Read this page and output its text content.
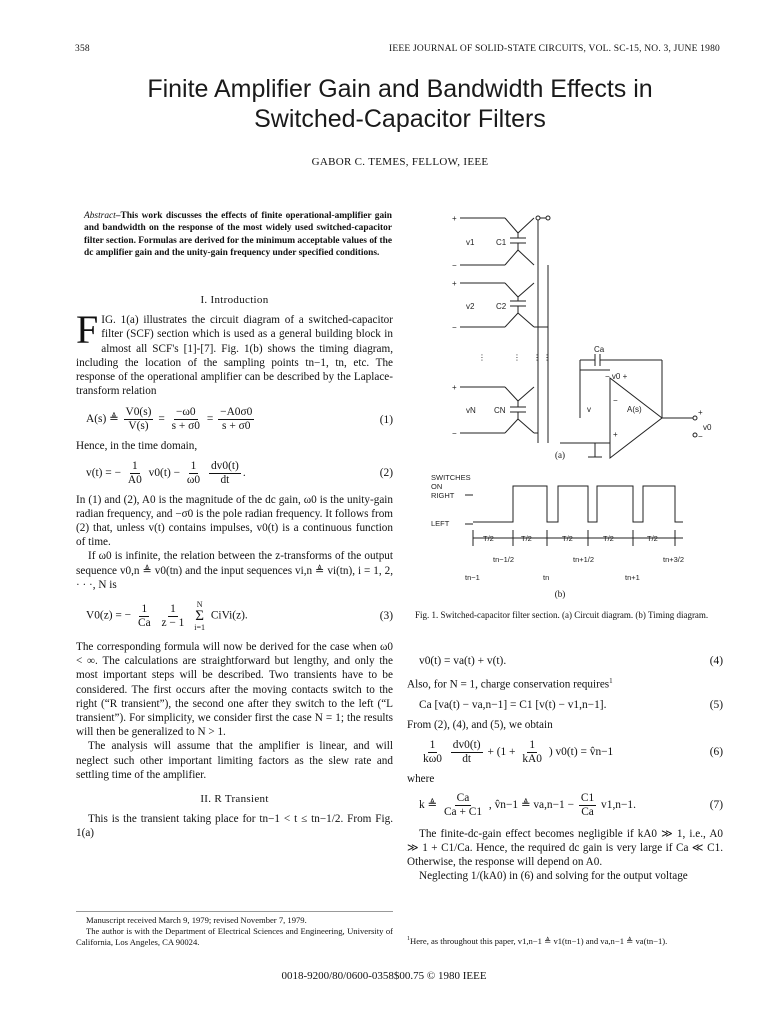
358	IEEE JOURNAL OF SOLID-STATE CIRCUITS, VOL. SC-15, NO. 3, JUNE 1980
Finite Amplifier Gain and Bandwidth Effects in
Switched-Capacitor Filters
GABOR C. TEMES, FELLOW, IEEE
Abstract–This work discusses the effects of finite operational-amplifier gain and bandwidth on the response of the most widely used switched-capacitor filter section. Formulas are derived for the minimum acceptable values of the dc amplifier gain and the unity-gain frequency under specified conditions.
I. Introduction

FIG. 1(a) illustrates the circuit diagram of a switched-capacitor filter (SCF) section which is used as a general building block in almost all SCF's [1]-[7]. Fig. 1(b) shows the timing diagram, including the location of the sampling points tn−1, tn, etc. The response of the operational amplifier can be described by the Laplace-transform relation

A(s) ≜ $\frac{V0(s)}{V(s)} = \frac{-\omega 0}{s + \sigma 0} = \frac{-A0\sigma 0}{s + \sigma 0}$	(1)

Hence, in the time domain,

v(t) = − $\frac{1}{A0} v0(t) - \frac{1}{\omega 0}$
$\frac{dv0(t)}{dt}$ .	(2)

In (1) and (2), A0 is the magnitude of the dc gain, ω0 is the unity-gain radian frequency, and −σ0 is the pole radian frequency. It follows from (2) that, unless v(t) contains impulses, v0(t) is a continuous function of time.

If ω0 is infinite, the relation between the z-transforms of the output sequence v0,n ≜ v0(tn) and the input sequences vi,n ≜ vi(tn), i = 1, 2, · · ·, N is

V0(z) = − $\frac{1}{Ca}$
$\frac{1}{z - 1}$
N
Σ
i=1
CiVi(z).	(3)

The corresponding formula will now be derived for the case when ω0 < ∞. The calculations are straightforward but lengthy, and only the most important steps will be described. Two transients have to be considered. The first occurs after the moving contacts switch to the right (“R transient”), the second one after they switch to the left (“L transient”). For simplicity, we consider first the case N = 1; the results will then be generalized to N > 1.

The analysis will assume that the amplifier is linear, and will neglect such other important limiting factors as the slew rate and settling time of the amplifier.

II. R Transient

This is the transient taking place for tn−1 < t ≤ tn−1/2. From Fig. 1(a)

Manuscript received March 9, 1979; revised November 7, 1979.
The author is with the Department of Electrical Sciences and Engineering, University of California, Los Angeles, CA 90024.
+
−
+
−
+
−
v1	C1
v2	C2
vN CN
⋮	⋮ ⋮ ⋮
Ca
− v0 +
v	A(s)
v0
+
−
−
+
(a)
SWITCHES
ON
RIGHT
LEFT
T/2	T/2	T/2	T/2	T/2
tn−1
tn−1/2
tn
tn+1/2
tn+1
tn+3/2
(b)
Fig. 1. Switched-capacitor filter section. (a) Circuit diagram. (b) Timing diagram.
v0(t) = va(t) + v(t).	(4)

Also, for N = 1, charge conservation requires$^1$

Ca [va(t) − va,n−1] = C1 [v(t) − v1,n−1].	(5)

From (2), (4), and (5), we obtain

$\frac{1}{k\omega 0}$
$\frac{dv0(t)}{dt} + (1 + \frac{1}{kA0}$ ) v0(t) = v̂n−1	(6)

where

k ≜ $\frac{Ca}{Ca + C1}$ , v̂n−1 ≜ $va,n-1 - \frac{C1}{Ca} v1,n-1$.	(7)

The finite-dc-gain effect becomes negligible if kA0 ≫ 1, i.e., A0 ≫ 1 + C1/Ca. Hence, the required dc gain is very large if Ca ≪ C1. Otherwise, the response will depend on A0.

Neglecting 1/(kA0) in (6) and solving for the output voltage

$^1$Here, as throughout this paper, v1,n−1 ≜ v1(tn−1) and va,n−1 ≜ va(tn−1).
0018-9200/80/0600-0358$00.75 © 1980 IEEE
